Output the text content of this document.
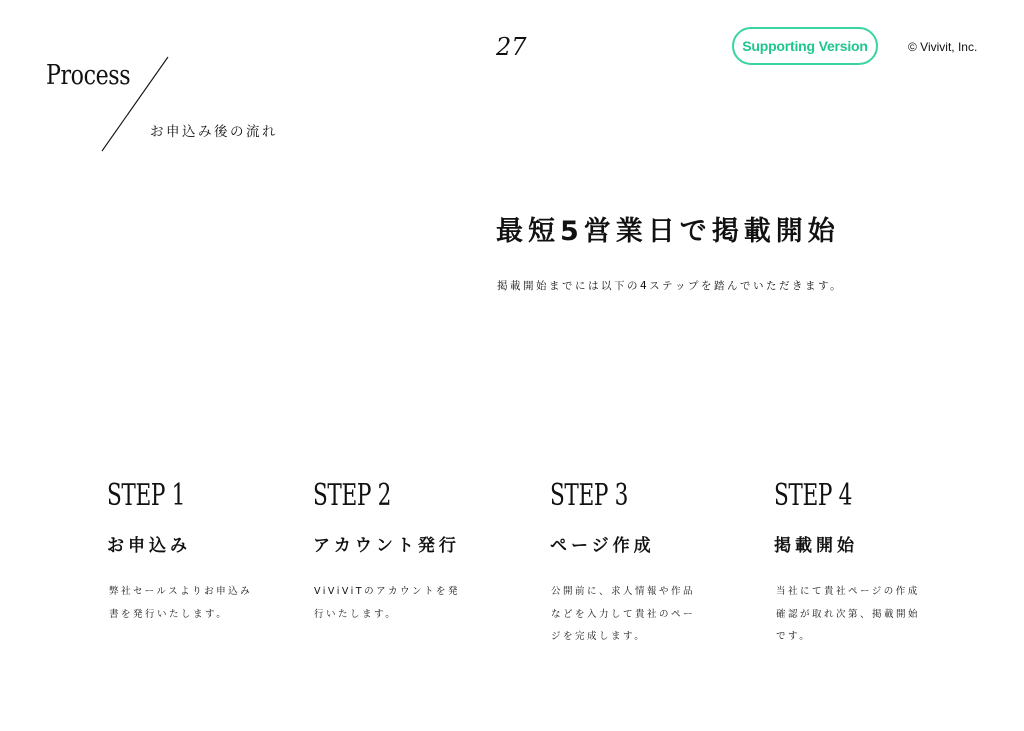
Process
お申込み後の流れ
27	Supporting Version	© Vivivit, Inc.
最短5営業日で掲載開始
掲載開始までには以下の4ステップを踏んでいただきます。
STEP 1
お申込み
弊社セールスよりお申込み
書を発行いたします。
STEP 2
アカウント発行
ViViViTのアカウントを発
行いたします。
STEP 3
ページ作成
公開前に、求人情報や作品
などを入力して貴社のペー
ジを完成します。
STEP 4
掲載開始
当社にて貴社ページの作成
確認が取れ次第、掲載開始
です。
